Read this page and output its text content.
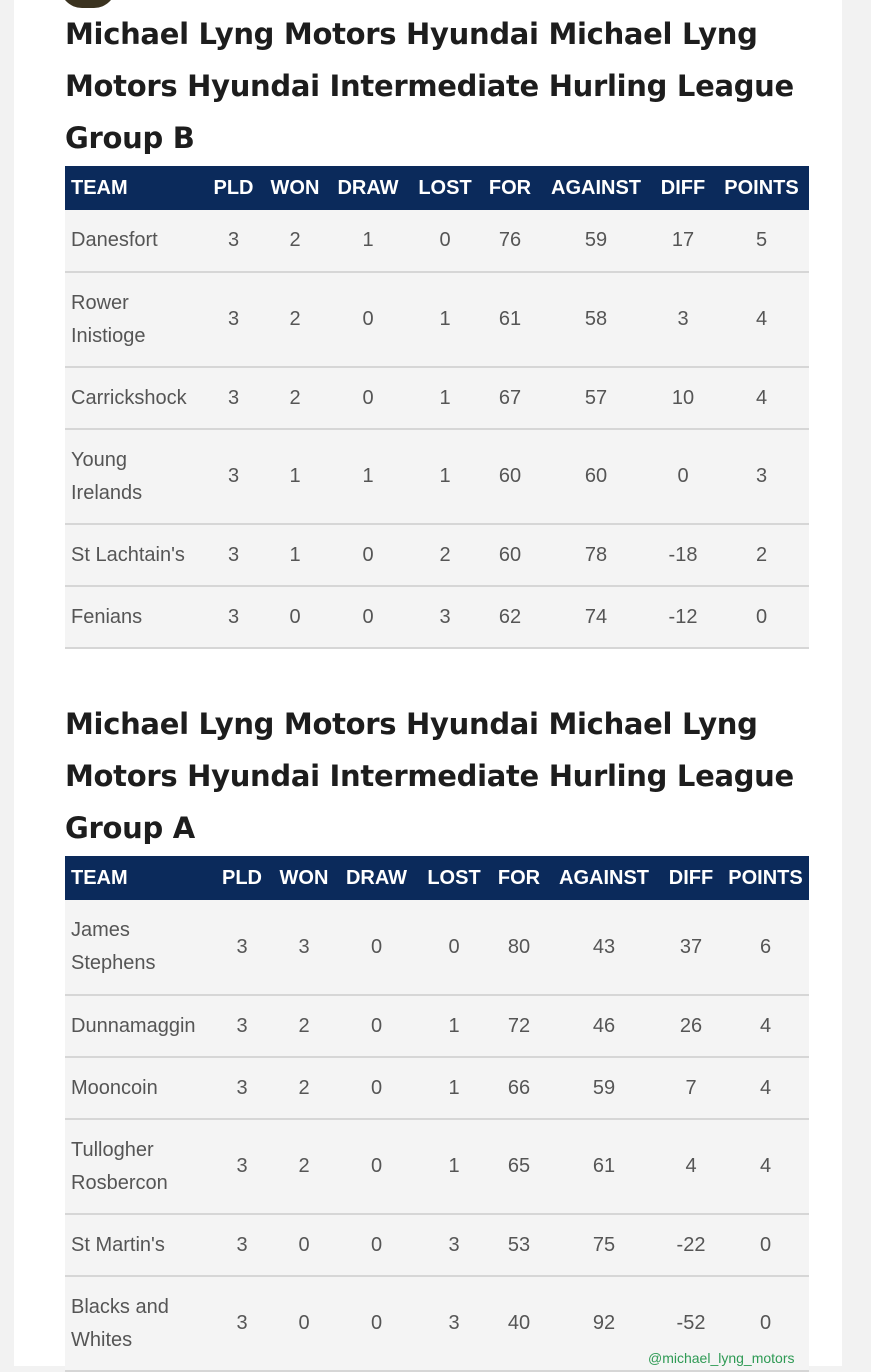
Michael Lyng Motors Hyundai Michael Lyng
Motors Hyundai Intermediate Hurling League
Group B
TEAM	PLD	WON	DRAW	LOST	FOR	AGAINST	DIFF	POINTS

Danesfort	3	2	1	0	76	59	17	5

Rower
Inistioge	3	2	0	1	61	58	3	4

Carrickshock	3	2	0	1	67	57	10	4

Young
Irelands	3	1	1	1	60	60	0	3

St Lachtain's	3	1	0	2	60	78	-18	2

Fenians	3	0	0	3	62	74	-12	0
Michael Lyng Motors Hyundai Michael Lyng
Motors Hyundai Intermediate Hurling League
Group A
TEAM	PLD	WON	DRAW	LOST	FOR	AGAINST	DIFF	POINTS

James
Stephens	3	3	0	0	80	43	37	6

Dunnamaggin	3	2	0	1	72	46	26	4

Mooncoin	3	2	0	1	66	59	7	4

Tullogher
Rosbercon	3	2	0	1	65	61	4	4

St Martin's	3	0	0	3	53	75	-22	0

Blacks and
Whites	3	0	0	3	40	92	-52	0
@michael_lyng_motors
